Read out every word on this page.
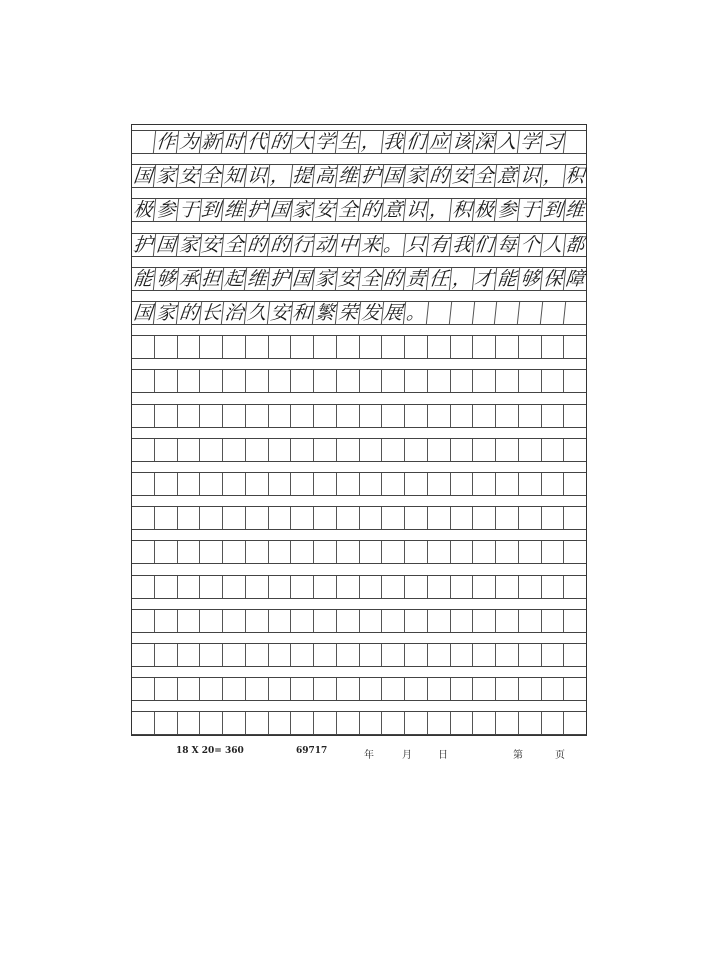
作 为 新 时 代 的 大 学 生 ， 我 们 应 该 深 入 学 习
国 家 安 全 知 识 ， 提 高 维 护 国 家 的 安 全 意 识 ， 积
极 参 于 到 维 护 国 家 安 全 的 意 识 ， 积 极 参 于 到 维
护 国 家 安 全 的 的 行 动 中 来 。 只 有 我 们 每 个 人 都
能 够 承 担 起 维 护 国 家 安 全 的 责 任 ， 才 能 够 保 障
国 家 的 长 治 久 安 和 繁 荣 发 展 。
18 X 20= 360	69717	年	月	日	第	页
